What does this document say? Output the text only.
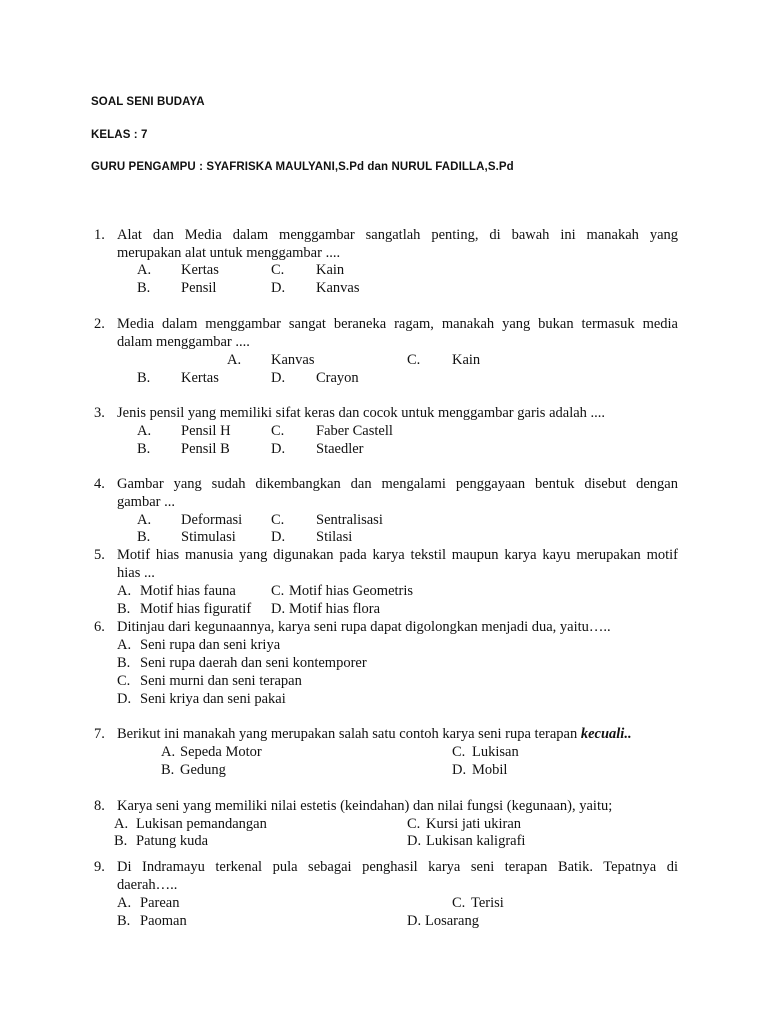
SOAL SENI BUDAYA
KELAS : 7
GURU PENGAMPU : SYAFRISKA MAULYANI,S.Pd dan NURUL FADILLA,S.Pd
1. Alat dan Media dalam menggambar sangatlah penting, di bawah ini manakah yang
merupakan alat untuk menggambar ....
A. Kertas	C. Kain
B. Pensil	D. Kanvas
2. Media dalam menggambar sangat beraneka ragam, manakah yang bukan termasuk media
dalam menggambar ....
A. Kanvas	C. Kain
B. Kertas	D. Crayon
3. Jenis pensil yang memiliki sifat keras dan cocok untuk menggambar garis adalah ....
A. Pensil H	C. Faber Castell
B. Pensil B	D. Staedler
4. Gambar yang sudah dikembangkan dan mengalami penggayaan bentuk disebut dengan
gambar ...
A. Deformasi C. Sentralisasi
B. Stimulasi D. Stilasi
5. Motif hias manusia yang digunakan pada karya tekstil maupun karya kayu merupakan motif
hias ...
A. Motif hias fauna C. Motif hias Geometris
B. Motif hias figuratif D. Motif hias flora
6. Ditinjau dari kegunaannya, karya seni rupa dapat digolongkan menjadi dua, yaitu…..
A. Seni rupa dan seni kriya
B. Seni rupa daerah dan seni kontemporer
C. Seni murni dan seni terapan
D. Seni kriya dan seni pakai
7. Berikut ini manakah yang merupakan salah satu contoh karya seni rupa terapan kecuali..
A. Sepeda Motor	C. Lukisan
B. Gedung	D. Mobil
8. Karya seni yang memiliki nilai estetis (keindahan) dan nilai fungsi (kegunaan), yaitu;
A. Lukisan pemandangan	C. Kursi jati ukiran
B. Patung kuda	D. Lukisan kaligrafi
9. Di Indramayu terkenal pula sebagai penghasil karya seni terapan Batik. Tepatnya di
daerah…..
A. Parean	C. Terisi
B. Paoman	D. Losarang
